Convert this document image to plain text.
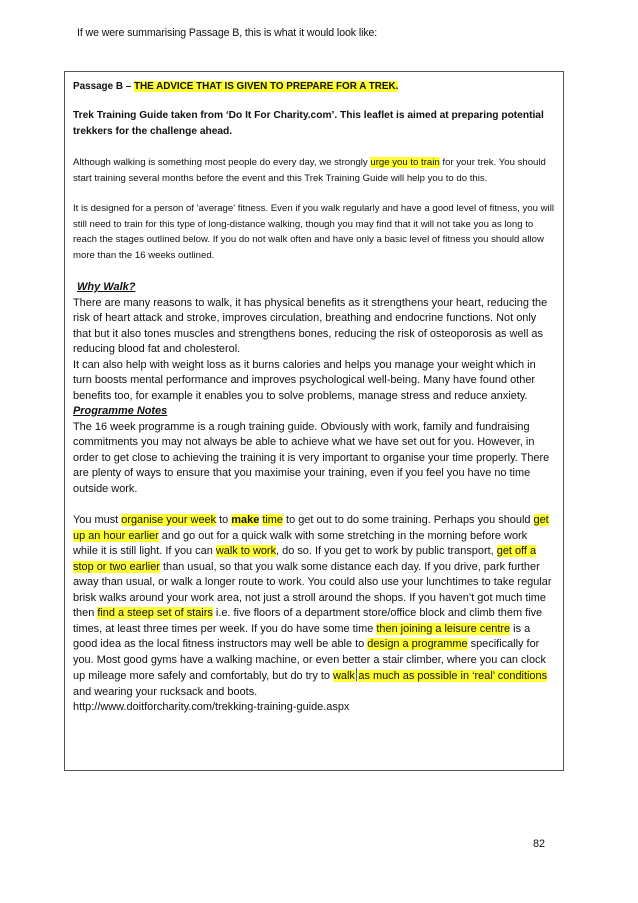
If we were summarising Passage B, this is what it would look like:

Passage B – THE ADVICE THAT IS GIVEN TO PREPARE FOR A TREK.

Trek Training Guide taken from ‘Do It For Charity.com’. This leaflet is aimed at preparing potential trekkers for the challenge ahead.

Although walking is something most people do every day, we strongly urge you to train for your trek. You should start training several months before the event and this Trek Training Guide will help you to do this.

It is designed for a person of 'average' fitness. Even if you walk regularly and have a good level of fitness, you will still need to train for this type of long-distance walking, though you may find that it will not take you as long to reach the stages outlined below. If you do not walk often and have only a basic level of fitness you should allow more than the 16 weeks outlined.

Why Walk?

There are many reasons to walk, it has physical benefits as it strengthens your heart, reducing the risk of heart attack and stroke, improves circulation, breathing and endocrine functions. Not only that but it also tones muscles and strengthens bones, reducing the risk of osteoporosis as well as reducing blood fat and cholesterol.

It can also help with weight loss as it burns calories and helps you manage your weight which in turn boosts mental performance and improves psychological well-being. Many have found other benefits too, for example it enables you to solve problems, manage stress and reduce anxiety.

Programme Notes

The 16 week programme is a rough training guide. Obviously with work, family and fundraising commitments you may not always be able to achieve what we have set out for you. However, in order to get close to achieving the training it is very important to organise your time properly. There are plenty of ways to ensure that you maximise your training, even if you feel you have no time outside work.

You must organise your week to make time to get out to do some training. Perhaps you should get up an hour earlier and go out for a quick walk with some stretching in the morning before work while it is still light. If you can walk to work, do so. If you get to work by public transport, get off a stop or two earlier than usual, so that you walk some distance each day. If you drive, park further away than usual, or walk a longer route to work. You could also use your lunchtimes to take regular brisk walks around your work area, not just a stroll around the shops. If you haven’t got much time then find a steep set of stairs i.e. five floors of a department store/office block and climb them five times, at least three times per week. If you do have some time then joining a leisure centre is a good idea as the local fitness instructors may well be able to design a programme specifically for you. Most good gyms have a walking machine, or even better a stair climber, where you can clock up mileage more safely and comfortably, but do try to walk as much as possible in ‘real’ conditions and wearing your rucksack and boots.

http://www.doitforcharity.com/trekking-training-guide.aspx

82
